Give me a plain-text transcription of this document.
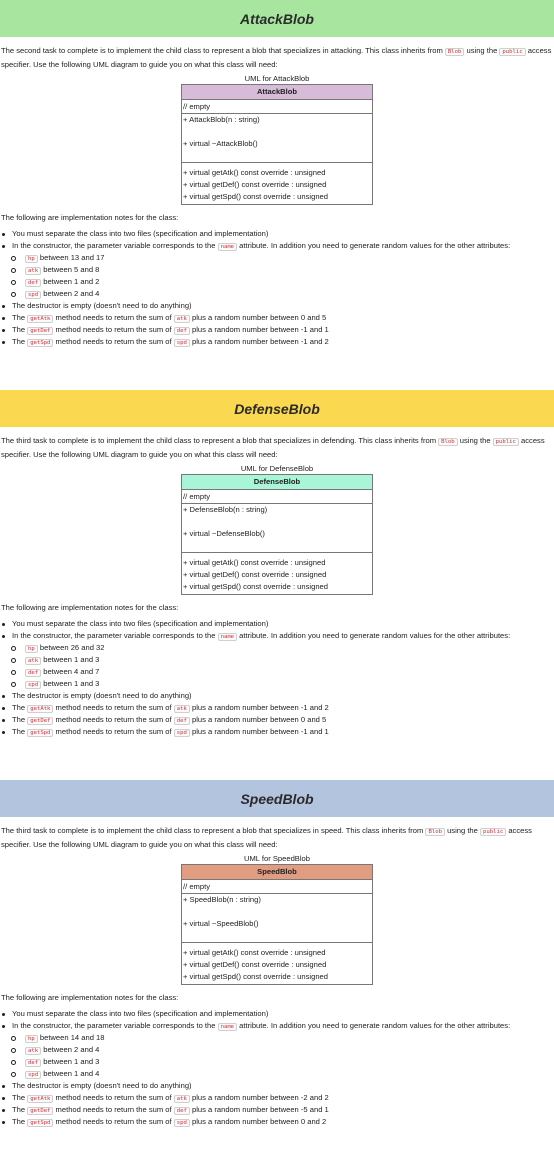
AttackBlob
The second task to complete is to implement the child class to represent a blob that specializes in attacking. This class inherits from Blob using the public access specifier. Use the following UML diagram to guide you on what this class will need:
UML for AttackBlob
AttackBlob
// empty
+ AttackBlob(n : string)
+ virtual ~AttackBlob()
+ virtual getAtk() const override : unsigned
+ virtual getDef() const override : unsigned
+ virtual getSpd() const override : unsigned
The following are implementation notes for the class:
You must separate the class into two files (specification and implementation)
In the constructor, the parameter variable corresponds to the name attribute. In addition you need to generate random values for the other attributes:
hp between 13 and 17
atk between 5 and 8
def between 1 and 2
spd between 2 and 4
The destructor is empty (doesn't need to do anything)
The getAtk method needs to return the sum of atk plus a random number between 0 and 5
The getDef method needs to return the sum of def plus a random number between -1 and 1
The getSpd method needs to return the sum of spd plus a random number between -1 and 2
DefenseBlob
The third task to complete is to implement the child class to represent a blob that specializes in defending. This class inherits from Blob using the public access specifier. Use the following UML diagram to guide you on what this class will need:
UML for DefenseBlob
DefenseBlob
// empty
+ DefenseBlob(n : string)
+ virtual ~DefenseBlob()
+ virtual getAtk() const override : unsigned
+ virtual getDef() const override : unsigned
+ virtual getSpd() const override : unsigned
The following are implementation notes for the class:
You must separate the class into two files (specification and implementation)
In the constructor, the parameter variable corresponds to the name attribute. In addition you need to generate random values for the other attributes:
hp between 26 and 32
atk between 1 and 3
def between 4 and 7
spd between 1 and 3
The destructor is empty (doesn't need to do anything)
The getAtk method needs to return the sum of atk plus a random number between -1 and 2
The getDef method needs to return the sum of def plus a random number between 0 and 5
The getSpd method needs to return the sum of spd plus a random number between -1 and 1
SpeedBlob
The third task to complete is to implement the child class to represent a blob that specializes in speed. This class inherits from Blob using the public access specifier. Use the following UML diagram to guide you on what this class will need:
UML for SpeedBlob
SpeedBlob
// empty
+ SpeedBlob(n : string)
+ virtual ~SpeedBlob()
+ virtual getAtk() const override : unsigned
+ virtual getDef() const override : unsigned
+ virtual getSpd() const override : unsigned
The following are implementation notes for the class:
You must separate the class into two files (specification and implementation)
In the constructor, the parameter variable corresponds to the name attribute. In addition you need to generate random values for the other attributes:
hp between 14 and 18
atk between 2 and 4
def between 1 and 3
spd between 1 and 4
The destructor is empty (doesn't need to do anything)
The getAtk method needs to return the sum of atk plus a random number between -2 and 2
The getDef method needs to return the sum of def plus a random number between -5 and 1
The getSpd method needs to return the sum of spd plus a random number between 0 and 2
